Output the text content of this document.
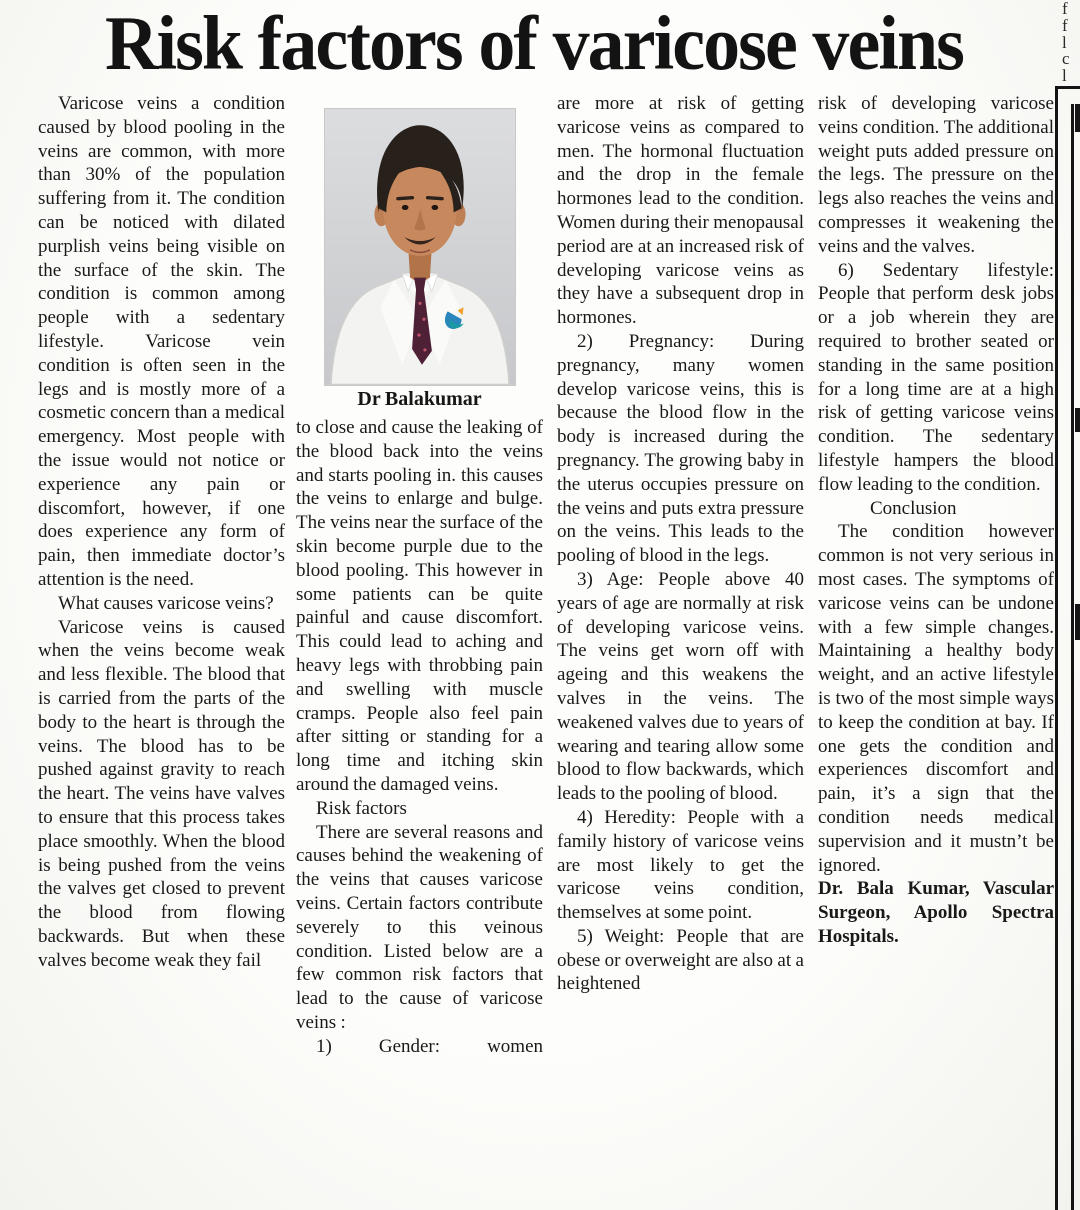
Risk factors of varicose veins

Varicose veins a condition caused by blood pooling in the veins are common, with more than 30% of the population suffering from it. The condition can be noticed with dilated purplish veins being visible on the surface of the skin. The condition is common among people with a sedentary lifestyle. Varicose vein condition is often seen in the legs and is mostly more of a cosmetic concern than a medical emergency. Most people with the issue would not notice or experience any pain or discomfort, however, if one does experience any form of pain, then immediate doctor’s attention is the need.

What causes varicose veins?

Varicose veins is caused when the veins become weak and less flexible. The blood that is carried from the parts of the body to the heart is through the veins. The blood has to be pushed against gravity to reach the heart. The veins have valves to ensure that this process takes place smoothly. When the blood is being pushed from the veins the valves get closed to prevent the blood from flowing backwards. But when these valves become weak they fail

Dr Balakumar

to close and cause the leaking of the blood back into the veins and starts pooling in. this causes the veins to enlarge and bulge. The veins near the surface of the skin become purple due to the blood pooling. This however in some patients can be quite painful and cause discomfort. This could lead to aching and heavy legs with throbbing pain and swelling with muscle cramps. People also feel pain after sitting or standing for a long time and itching skin around the damaged veins.

Risk factors

There are several reasons and causes behind the weakening of the veins that causes varicose veins. Certain factors contribute severely to this veinous condition. Listed below are a few common risk factors that lead to the cause of varicose veins :

1) Gender: women

are more at risk of getting varicose veins as compared to men. The hormonal fluctuation and the drop in the female hormones lead to the condition. Women during their menopausal period are at an increased risk of developing varicose veins as they have a subsequent drop in hormones.

2) Pregnancy: During pregnancy, many women develop varicose veins, this is because the blood flow in the body is increased during the pregnancy. The growing baby in the uterus occupies pressure on the veins and puts extra pressure on the veins. This leads to the pooling of blood in the legs.

3) Age: People above 40 years of age are normally at risk of developing varicose veins. The veins get worn off with ageing and this weakens the valves in the veins. The weakened valves due to years of wearing and tearing allow some blood to flow backwards, which leads to the pooling of blood.

4) Heredity: People with a family history of varicose veins are most likely to get the varicose veins condition, themselves at some point.

5) Weight: People that are obese or overweight are also at a heightened

risk of developing varicose veins condition. The additional weight puts added pressure on the legs. The pressure on the legs also reaches the veins and compresses it weakening the veins and the valves.

6) Sedentary lifestyle: People that perform desk jobs or a job wherein they are required to brother seated or standing in the same position for a long time are at a high risk of getting varicose veins condition. The sedentary lifestyle hampers the blood flow leading to the condition.

Conclusion

The condition however common is not very serious in most cases. The symptoms of varicose veins can be undone with a few simple changes. Maintaining a healthy body weight, and an active lifestyle is two of the most simple ways to keep the condition at bay. If one gets the condition and experiences discomfort and pain, it’s a sign that the condition needs medical supervision and it mustn’t be ignored.

Dr. Bala Kumar, Vascular Surgeon, Apollo Spectra Hospitals.

f
f
l
c
l
